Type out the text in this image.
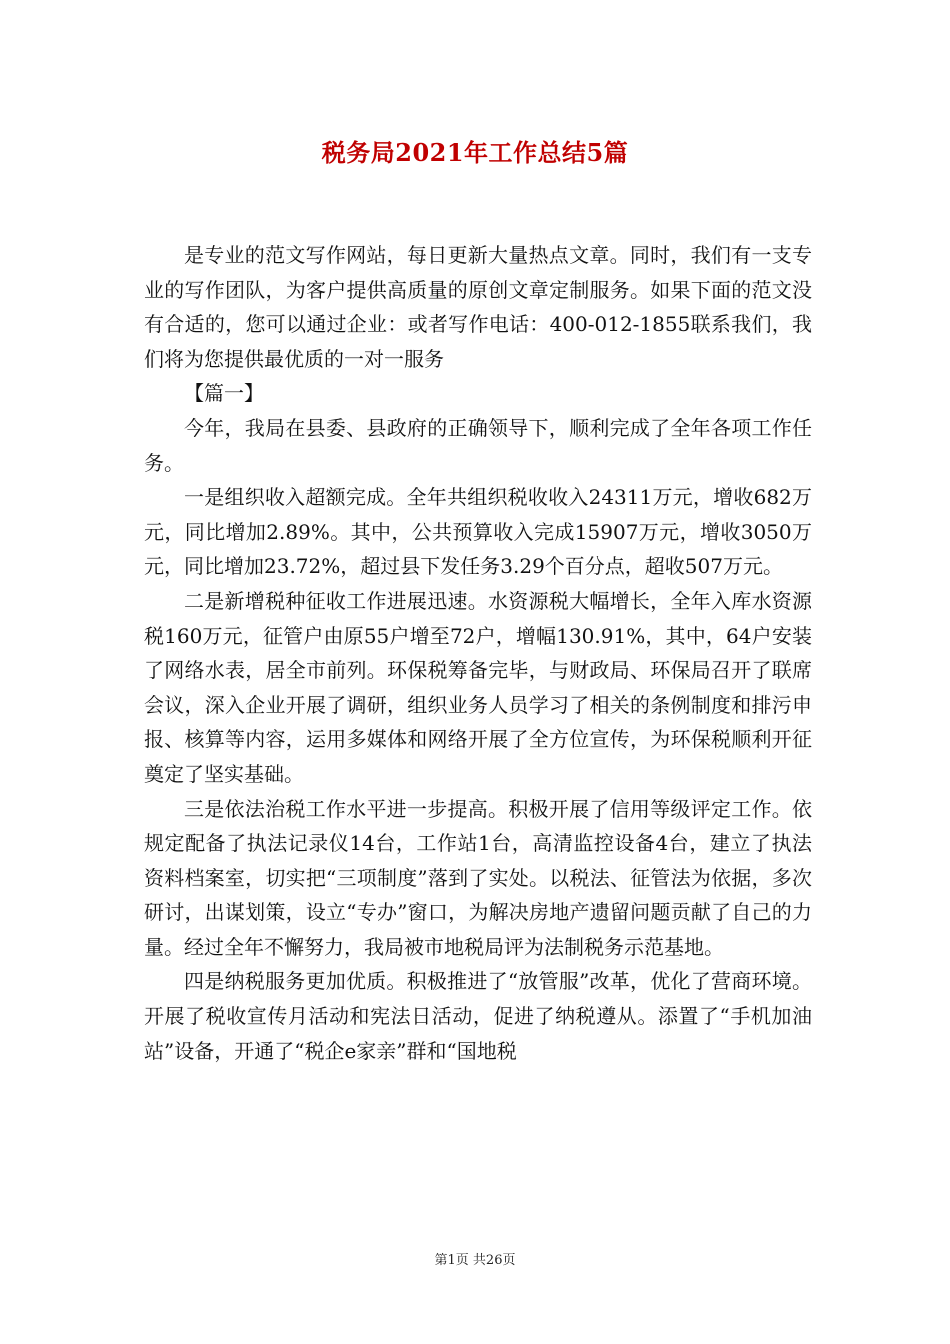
税务局2021年工作总结5篇

是专业的范文写作网站，每日更新大量热点文章。同时，我们有一支专业的写作团队，为客户提供高质量的原创文章定制服务。如果下面的范文没有合适的，您可以通过企业：或者写作电话：400-012-1855联系我们，我们将为您提供最优质的一对一服务

【篇一】

今年，我局在县委、县政府的正确领导下，顺利完成了全年各项工作任务。

一是组织收入超额完成。全年共组织税收收入24311万元，增收682万元，同比增加2.89%。其中，公共预算收入完成15907万元，增收3050万元，同比增加23.72%，超过县下发任务3.29个百分点，超收507万元。

二是新增税种征收工作进展迅速。水资源税大幅增长，全年入库水资源税160万元，征管户由原55户增至72户，增幅130.91%，其中，64户安装了网络水表，居全市前列。环保税筹备完毕，与财政局、环保局召开了联席会议，深入企业开展了调研，组织业务人员学习了相关的条例制度和排污申报、核算等内容，运用多媒体和网络开展了全方位宣传，为环保税顺利开征奠定了坚实基础。

三是依法治税工作水平进一步提高。积极开展了信用等级评定工作。依规定配备了执法记录仪14台，工作站1台，高清监控设备4台，建立了执法资料档案室，切实把“三项制度”落到了实处。以税法、征管法为依据，多次研讨，出谋划策，设立“专办”窗口，为解决房地产遗留问题贡献了自己的力量。经过全年不懈努力，我局被市地税局评为法制税务示范基地。

四是纳税服务更加优质。积极推进了“放管服”改革，优化了营商环境。开展了税收宣传月活动和宪法日活动，促进了纳税遵从。添置了“手机加油站”设备，开通了“税企e家亲”群和“国地税

第1页 共26页
